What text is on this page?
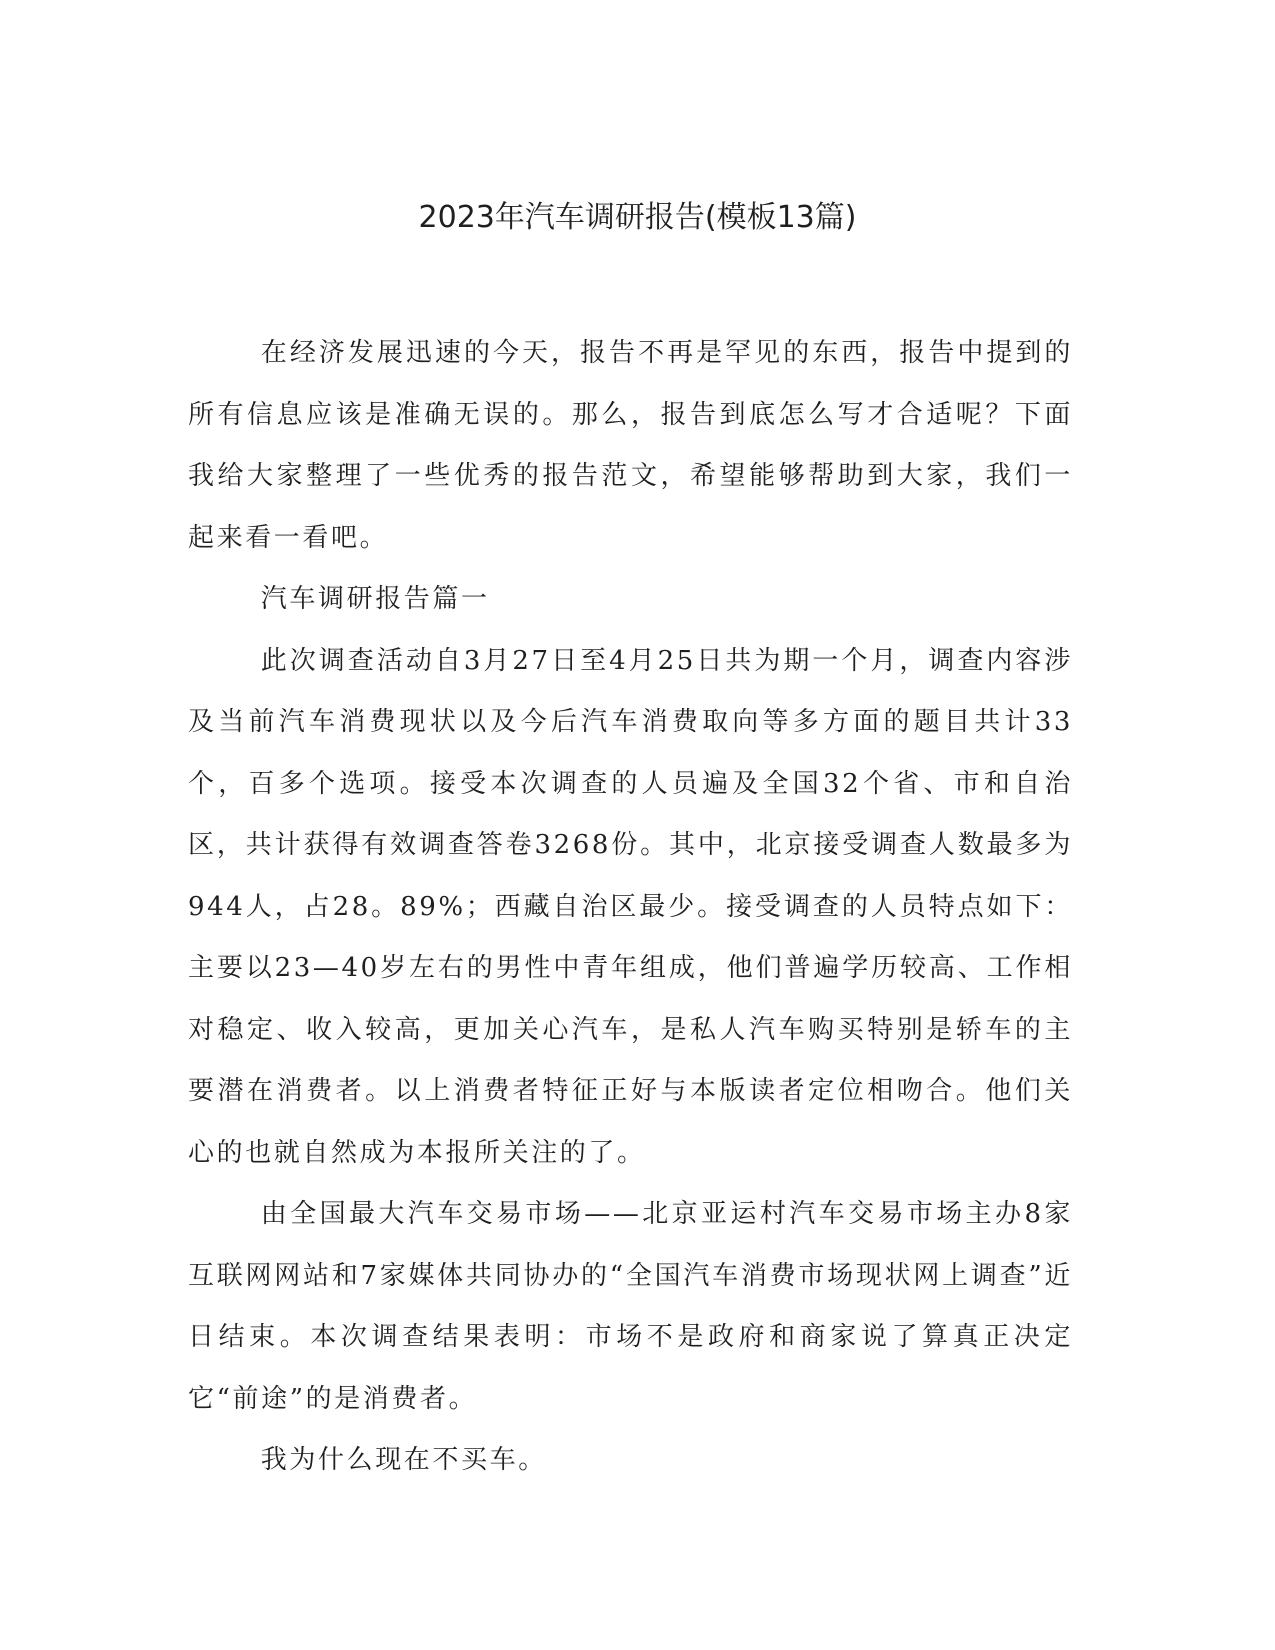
2023年汽车调研报告(模板13篇)

在经济发展迅速的今天，报告不再是罕见的东西，报告中提到的所有信息应该是准确无误的。那么，报告到底怎么写才合适呢？下面我给大家整理了一些优秀的报告范文，希望能够帮助到大家，我们一起来看一看吧。

汽车调研报告篇一

此次调查活动自3月27日至4月25日共为期一个月，调查内容涉及当前汽车消费现状以及今后汽车消费取向等多方面的题目共计33个，百多个选项。接受本次调查的人员遍及全国32个省、市和自治区，共计获得有效调查答卷3268份。其中，北京接受调查人数最多为944人，占28。89%；西藏自治区最少。接受调查的人员特点如下：主要以23—40岁左右的男性中青年组成，他们普遍学历较高、工作相对稳定、收入较高，更加关心汽车，是私人汽车购买特别是轿车的主要潜在消费者。以上消费者特征正好与本版读者定位相吻合。他们关心的也就自然成为本报所关注的了。

由全国最大汽车交易市场——北京亚运村汽车交易市场主办8家互联网网站和7家媒体共同协办的“全国汽车消费市场现状网上调查”近日结束。本次调查结果表明：市场不是政府和商家说了算真正决定它“前途”的是消费者。

我为什么现在不买车。
